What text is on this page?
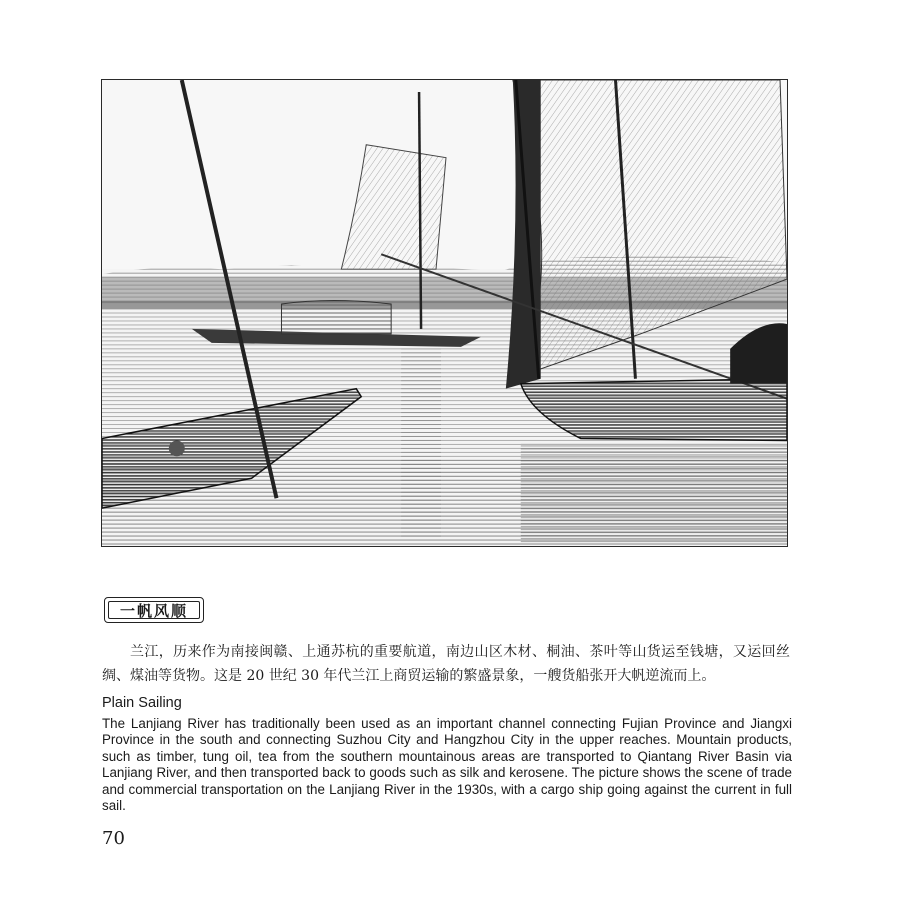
一帆风顺

兰江，历来作为南接闽赣、上通苏杭的重要航道，南边山区木材、桐油、茶叶等山货运至钱塘，又运回丝绸、煤油等货物。这是 20 世纪 30 年代兰江上商贸运输的繁盛景象，一艘货船张开大帆逆流而上。

Plain Sailing

The Lanjiang River has traditionally been used as an important channel connecting Fujian Province and Jiangxi Province in the south and connecting Suzhou City and Hangzhou City in the upper reaches. Mountain products, such as timber, tung oil, tea from the southern mountainous areas are transported to Qiantang River Basin via Lanjiang River, and then transported back to goods such as silk and kerosene. The picture shows the scene of trade and commercial transportation on the Lanjiang River in the 1930s, with a cargo ship going against the current in full sail.

70
